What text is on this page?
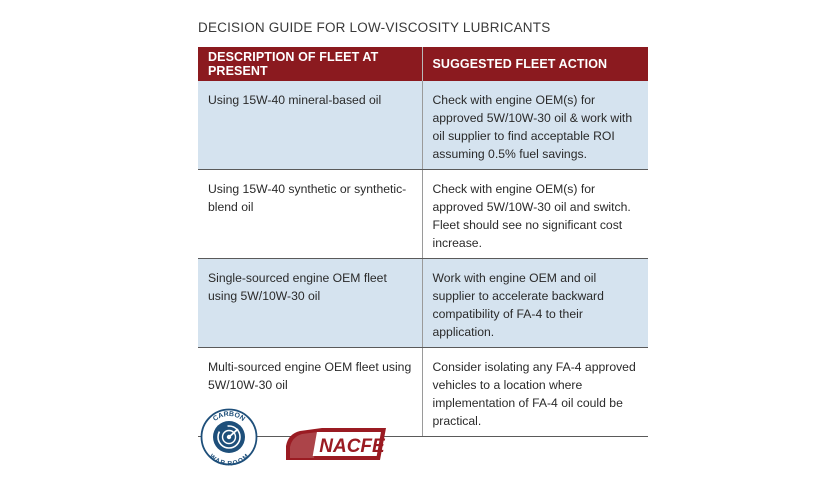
DECISION GUIDE FOR LOW-VISCOSITY LUBRICANTS
DESCRIPTION OF FLEET AT PRESENT	SUGGESTED FLEET ACTION
Using 15W-40 mineral-based oil	Check with engine OEM(s) for approved 5W/10W-30 oil & work with oil supplier to find acceptable ROI assuming 0.5% fuel savings.
Using 15W-40 synthetic or synthetic-blend oil	Check with engine OEM(s) for approved 5W/10W-30 oil and switch. Fleet should see no significant cost increase.
Single-sourced engine OEM fleet using 5W/10W-30 oil	Work with engine OEM and oil supplier to accelerate backward compatibility of FA-4 to their application.
Multi-sourced engine OEM fleet using 5W/10W-30 oil	Consider isolating any FA-4 approved vehicles to a location where implementation of FA-4 oil could be practical.
CARBON
WAR ROOM
NACFE
